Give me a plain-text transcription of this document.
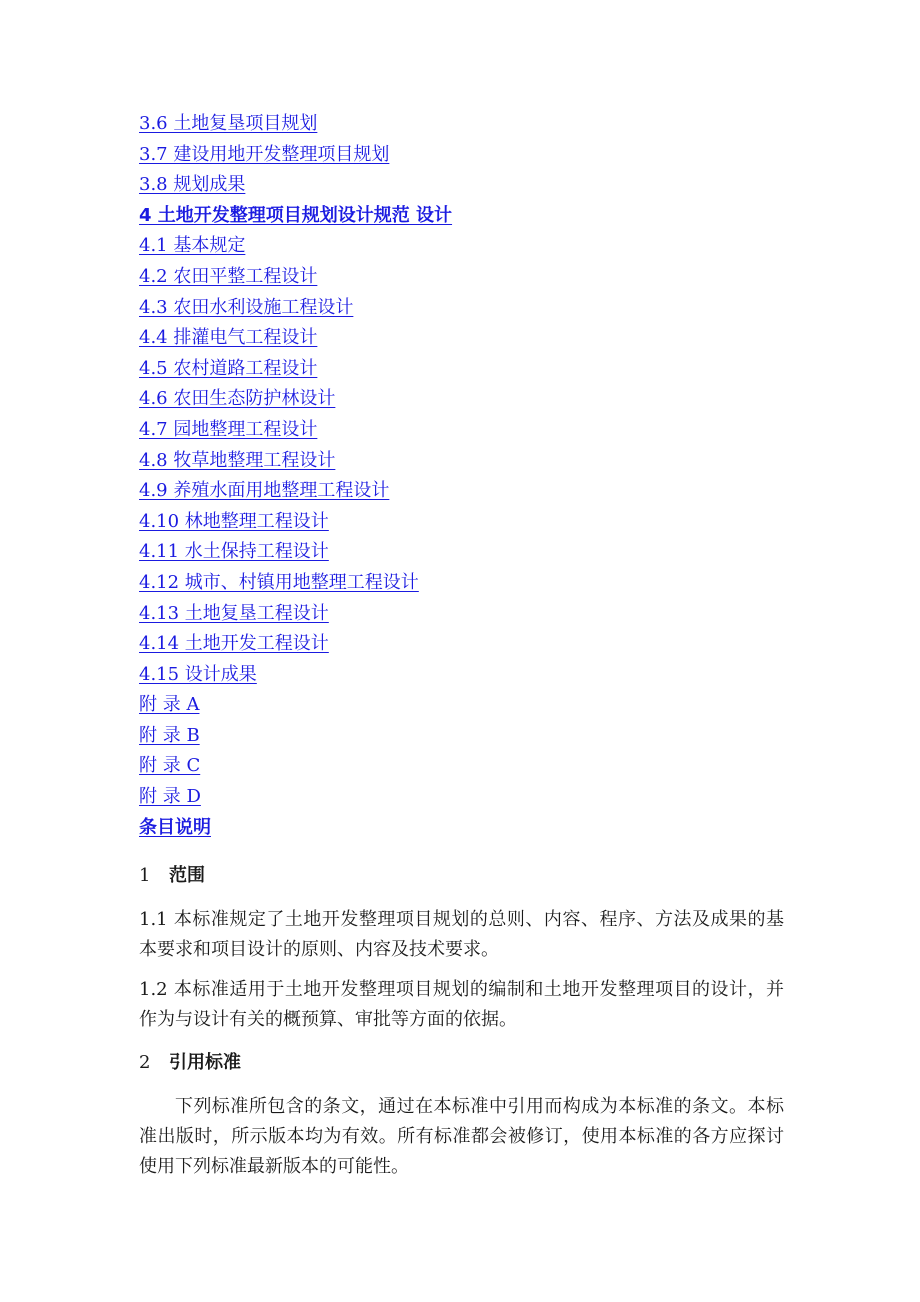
3.6 土地复垦项目规划
3.7 建设用地开发整理项目规划
3.8 规划成果
4 土地开发整理项目规划设计规范 设计
4.1 基本规定
4.2 农田平整工程设计
4.3 农田水利设施工程设计
4.4 排灌电气工程设计
4.5 农村道路工程设计
4.6 农田生态防护林设计
4.7 园地整理工程设计
4.8 牧草地整理工程设计
4.9 养殖水面用地整理工程设计
4.10 林地整理工程设计
4.11 水土保持工程设计
4.12 城市、村镇用地整理工程设计
4.13 土地复垦工程设计
4.14 土地开发工程设计
4.15 设计成果
附 录 A
附 录 B
附 录 C
附 录 D
条目说明
1 范围

1.1 本标准规定了土地开发整理项目规划的总则、内容、程序、方法及成果的基本要求和项目设计的原则、内容及技术要求。

1.2 本标准适用于土地开发整理项目规划的编制和土地开发整理项目的设计，并作为与设计有关的概预算、审批等方面的依据。

2 引用标准

下列标准所包含的条文，通过在本标准中引用而构成为本标准的条文。本标准出版时，所示版本均为有效。所有标准都会被修订，使用本标准的各方应探讨使用下列标准最新版本的可能性。
